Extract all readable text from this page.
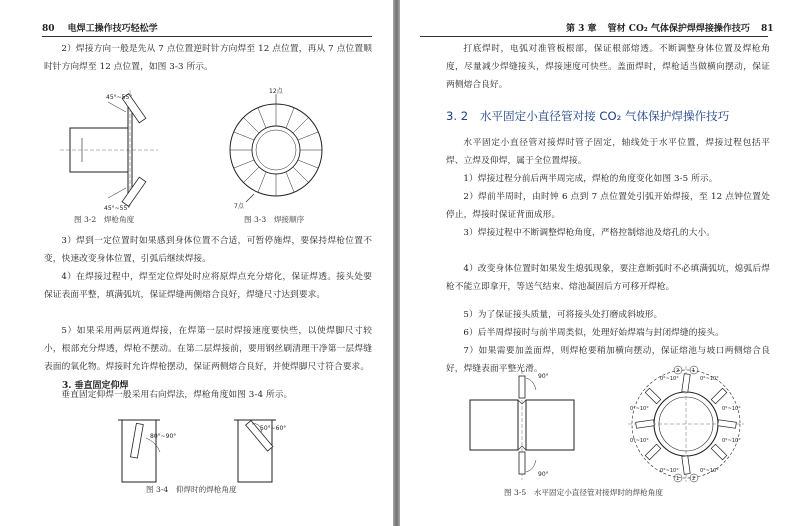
80 电焊工操作技巧轻松学

2）焊接方向一般是先从 7 点位置逆时针方向焊至 12 点位置，再从 7 点位置顺时针方向焊至 12 点位置，如图 3-3 所示。

45°~55°
45°~55°
图 3-2　焊枪角度
12点
7点
图 3-3　焊接顺序

3）焊到一定位置时如果感到身体位置不合适，可暂停施焊，要保持焊枪位置不变，快速改变身体位置，引弧后继续焊接。

4）在焊接过程中，焊至定位焊处时应将原焊点充分熔化，保证焊透。接头处要保证表面平整，填满弧坑，保证焊缝两侧熔合良好，焊缝尺寸达到要求。

5）如果采用两层两道焊接，在焊第一层时焊接速度要快些，以使焊脚尺寸较小，根部充分焊透，焊枪不摆动。在第二层焊接前，要用钢丝刷清理干净第一层焊缝表面的氧化物。焊接时允许焊枪摆动，保证两侧熔合良好，并使焊脚尺寸符合要求。

3. 垂直固定仰焊

垂直固定仰焊一般采用右向焊法，焊枪角度如图 3-4 所示。

80°~90°
50°~60°
图 3-4　仰焊时的焊枪角度
第 3 章 管材 CO₂ 气体保护焊焊接操作技巧 81

打底焊时，电弧对准管板根部，保证根部熔透。不断调整身体位置及焊枪角度，尽量减少焊缝接头，焊接速度可快些。盖面焊时，焊枪适当做横向摆动，保证两侧熔合良好。

3. 2 水平固定小直径管对接 CO₂ 气体保护焊操作技巧

水平固定小直径管对接焊时管子固定，轴线处于水平位置，焊接过程包括平焊、立焊及仰焊，属于全位置焊接。

1）焊接过程分前后两半周完成，焊枪的角度变化如图 3-5 所示。

2）焊前半周时，由时钟 6 点到 7 点位置处引弧开始焊接，至 12 点钟位置处停止，焊接时保证背面成形。

3）焊接过程中不断调整焊枪角度，严格控制熔池及熔孔的大小。

4）改变身体位置时如果发生熄弧现象，要注意断弧时不必填满弧坑，熄弧后焊枪不能立即拿开，等送气结束、熔池凝固后方可移开焊枪。

5）为了保证接头质量，可将接头处打磨成斜坡形。

6）后半周焊接时与前半周类似，处理好始焊端与封闭焊缝的接头。

7）如果需要加盖面焊，则焊枪要稍加横向摆动，保证熔池与坡口两侧熔合良好，焊缝表面平整光滑。

90°
90°
2	1
1	2
0°~10°	0°~10°
0°~10°	0°~10°
0°~10°	0°~10°
0°~10°	0°~10°
图 3-5　水平固定小直径管对接焊时的焊枪角度
